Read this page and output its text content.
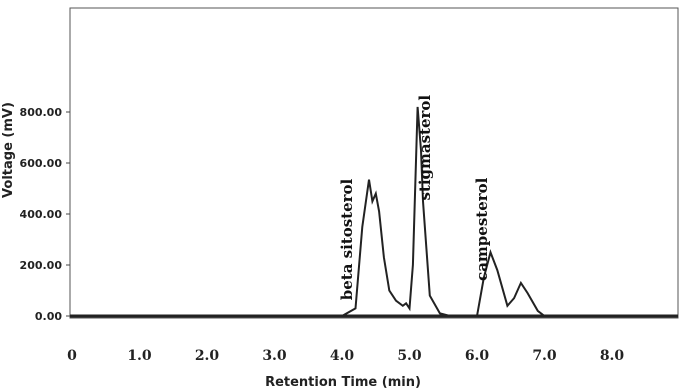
0.00
200.00
400.00
600.00
800.00
0	1.0	2.0	3.0	4.0	5.0	6.0	7.0	8.0
Voltage (mV)
Retention Time (min)
beta sitosterol
stigmasterol
campesterol
